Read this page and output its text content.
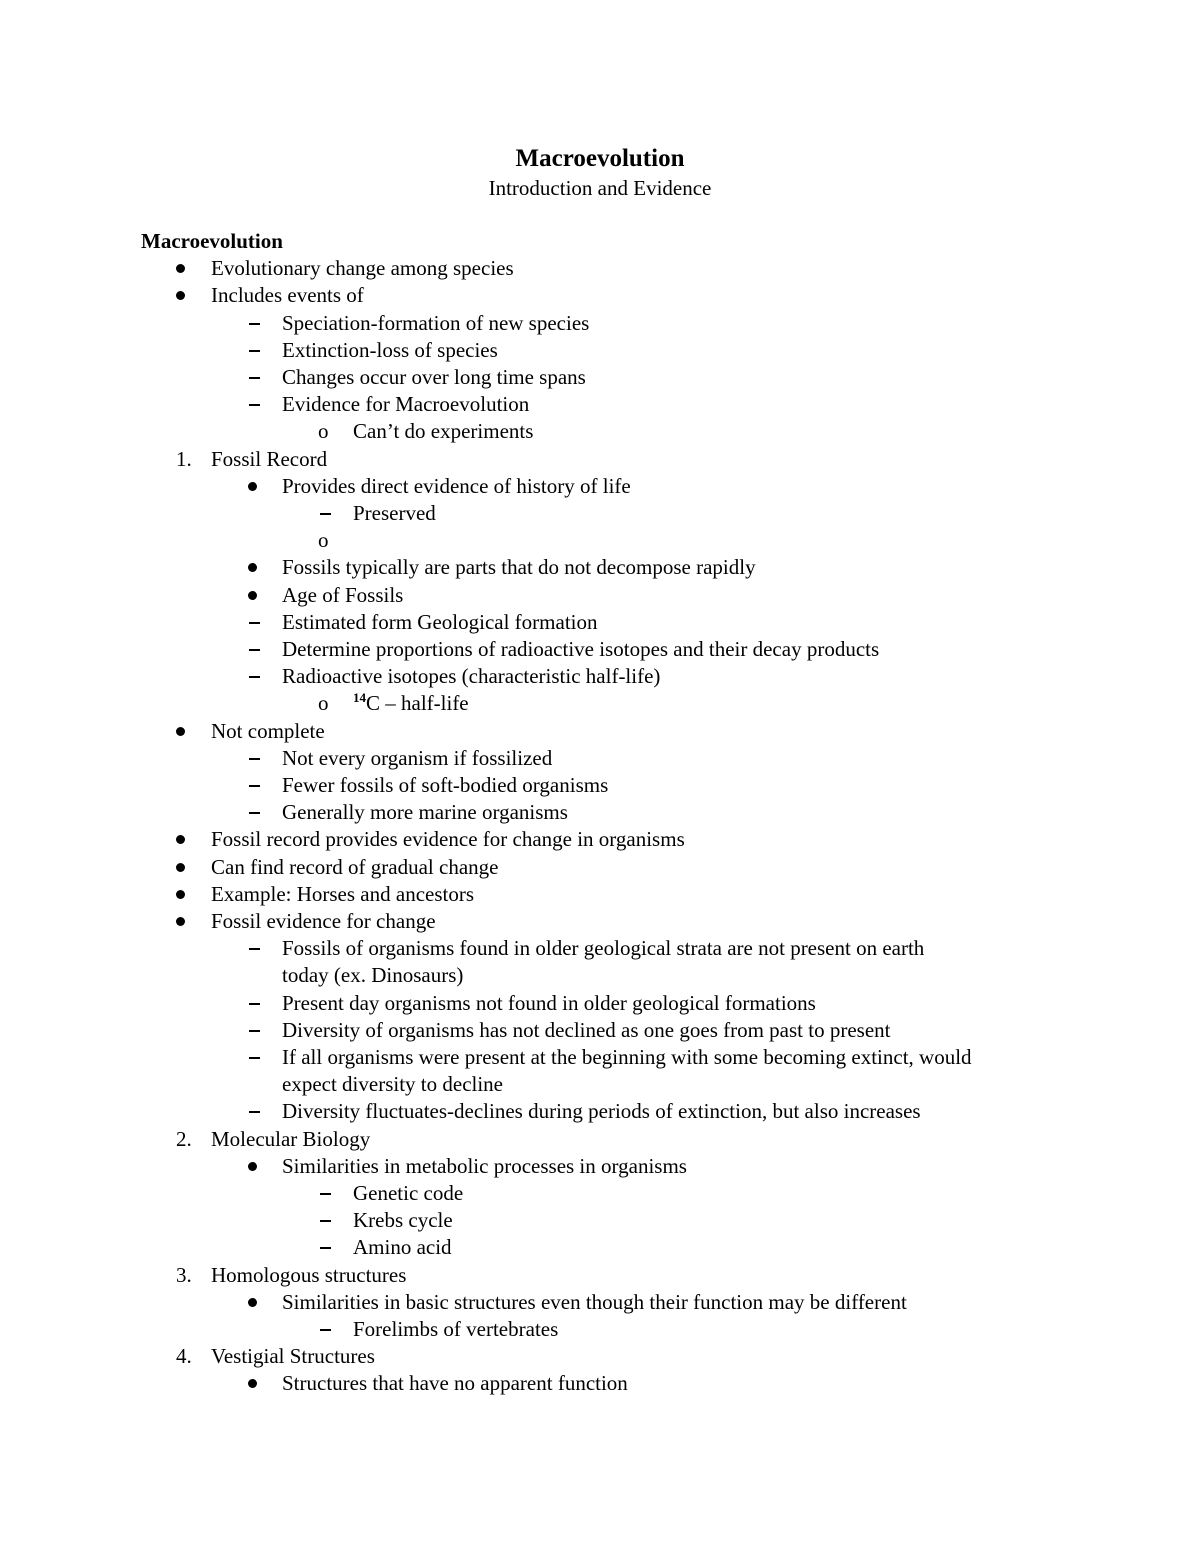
Macroevolution
Introduction and Evidence
Macroevolution
Evolutionary change among species
Includes events of
Speciation-formation of new species
Extinction-loss of species
Changes occur over long time spans
Evidence for Macroevolution
o Can’t do experiments
1. Fossil Record
Provides direct evidence of history of life
Preserved
o
Fossils typically are parts that do not decompose rapidly
Age of Fossils
Estimated form Geological formation
Determine proportions of radioactive isotopes and their decay products
Radioactive isotopes (characteristic half-life)
o $^{14}$C – half-life
Not complete
Not every organism if fossilized
Fewer fossils of soft-bodied organisms
Generally more marine organisms
Fossil record provides evidence for change in organisms
Can find record of gradual change
Example: Horses and ancestors
Fossil evidence for change
Fossils of organisms found in older geological strata are not present on earth
today (ex. Dinosaurs)
Present day organisms not found in older geological formations
Diversity of organisms has not declined as one goes from past to present
If all organisms were present at the beginning with some becoming extinct, would
expect diversity to decline
Diversity fluctuates-declines during periods of extinction, but also increases
2. Molecular Biology
Similarities in metabolic processes in organisms
Genetic code
Krebs cycle
Amino acid
3. Homologous structures
Similarities in basic structures even though their function may be different
Forelimbs of vertebrates
4. Vestigial Structures
Structures that have no apparent function
